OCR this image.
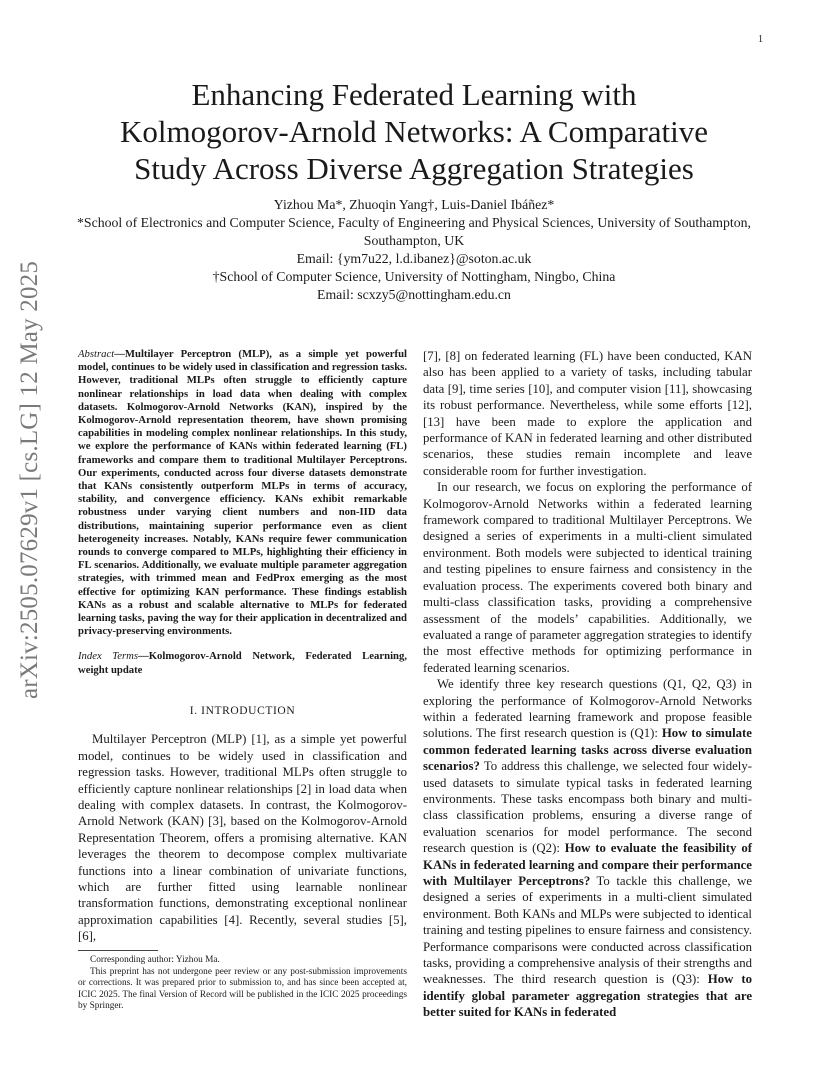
1
arXiv:2505.07629v1 [cs.LG] 12 May 2025
Enhancing Federated Learning with
Kolmogorov-Arnold Networks: A Comparative
Study Across Diverse Aggregation Strategies
Yizhou Ma*, Zhuoqin Yang†, Luis-Daniel Ibáñez*
*School of Electronics and Computer Science, Faculty of Engineering and Physical Sciences, University of Southampton, Southampton, UK
Email: {ym7u22, l.d.ibanez}@soton.ac.uk
†School of Computer Science, University of Nottingham, Ningbo, China
Email: scxzy5@nottingham.edu.cn

Abstract—Multilayer Perceptron (MLP), as a simple yet powerful model, continues to be widely used in classification and regression tasks. However, traditional MLPs often struggle to efficiently capture nonlinear relationships in load data when dealing with complex datasets. Kolmogorov-Arnold Networks (KAN), inspired by the Kolmogorov-Arnold representation theorem, have shown promising capabilities in modeling complex nonlinear relationships. In this study, we explore the performance of KANs within federated learning (FL) frameworks and compare them to traditional Multilayer Perceptrons. Our experiments, conducted across four diverse datasets demonstrate that KANs consistently outperform MLPs in terms of accuracy, stability, and convergence efficiency. KANs exhibit remarkable robustness under varying client numbers and non-IID data distributions, maintaining superior performance even as client heterogeneity increases. Notably, KANs require fewer communication rounds to converge compared to MLPs, highlighting their efficiency in FL scenarios. Additionally, we evaluate multiple parameter aggregation strategies, with trimmed mean and FedProx emerging as the most effective for optimizing KAN performance. These findings establish KANs as a robust and scalable alternative to MLPs for federated learning tasks, paving the way for their application in decentralized and privacy-preserving environments.

Index Terms—Kolmogorov-Arnold Network, Federated Learning, weight update

I. INTRODUCTION

Multilayer Perceptron (MLP) [1], as a simple yet powerful model, continues to be widely used in classification and regression tasks. However, traditional MLPs often struggle to efficiently capture nonlinear relationships [2] in load data when dealing with complex datasets. In contrast, the Kolmogorov-Arnold Network (KAN) [3], based on the Kolmogorov-Arnold Representation Theorem, offers a promising alternative. KAN leverages the theorem to decompose complex multivariate functions into a linear combination of univariate functions, which are further fitted using learnable nonlinear transformation functions, demonstrating exceptional nonlinear approximation capabilities [4]. Recently, several studies [5], [6],

Corresponding author: Yizhou Ma.

This preprint has not undergone peer review or any post-submission improvements or corrections. It was prepared prior to submission to, and has since been accepted at, ICIC 2025. The final Version of Record will be published in the ICIC 2025 proceedings by Springer.

[7], [8] on federated learning (FL) have been conducted, KAN also has been applied to a variety of tasks, including tabular data [9], time series [10], and computer vision [11], showcasing its robust performance. Nevertheless, while some efforts [12], [13] have been made to explore the application and performance of KAN in federated learning and other distributed scenarios, these studies remain incomplete and leave considerable room for further investigation.

In our research, we focus on exploring the performance of Kolmogorov-Arnold Networks within a federated learning framework compared to traditional Multilayer Perceptrons. We designed a series of experiments in a multi-client simulated environment. Both models were subjected to identical training and testing pipelines to ensure fairness and consistency in the evaluation process. The experiments covered both binary and multi-class classification tasks, providing a comprehensive assessment of the models’ capabilities. Additionally, we evaluated a range of parameter aggregation strategies to identify the most effective methods for optimizing performance in federated learning scenarios.

We identify three key research questions (Q1, Q2, Q3) in exploring the performance of Kolmogorov-Arnold Networks within a federated learning framework and propose feasible solutions. The first research question is (Q1): How to simulate common federated learning tasks across diverse evaluation scenarios? To address this challenge, we selected four widely-used datasets to simulate typical tasks in federated learning environments. These tasks encompass both binary and multi-class classification problems, ensuring a diverse range of evaluation scenarios for model performance. The second research question is (Q2): How to evaluate the feasibility of KANs in federated learning and compare their performance with Multilayer Perceptrons? To tackle this challenge, we designed a series of experiments in a multi-client simulated environment. Both KANs and MLPs were subjected to identical training and testing pipelines to ensure fairness and consistency. Performance comparisons were conducted across classification tasks, providing a comprehensive analysis of their strengths and weaknesses. The third research question is (Q3): How to identify global parameter aggregation strategies that are better suited for KANs in federated
